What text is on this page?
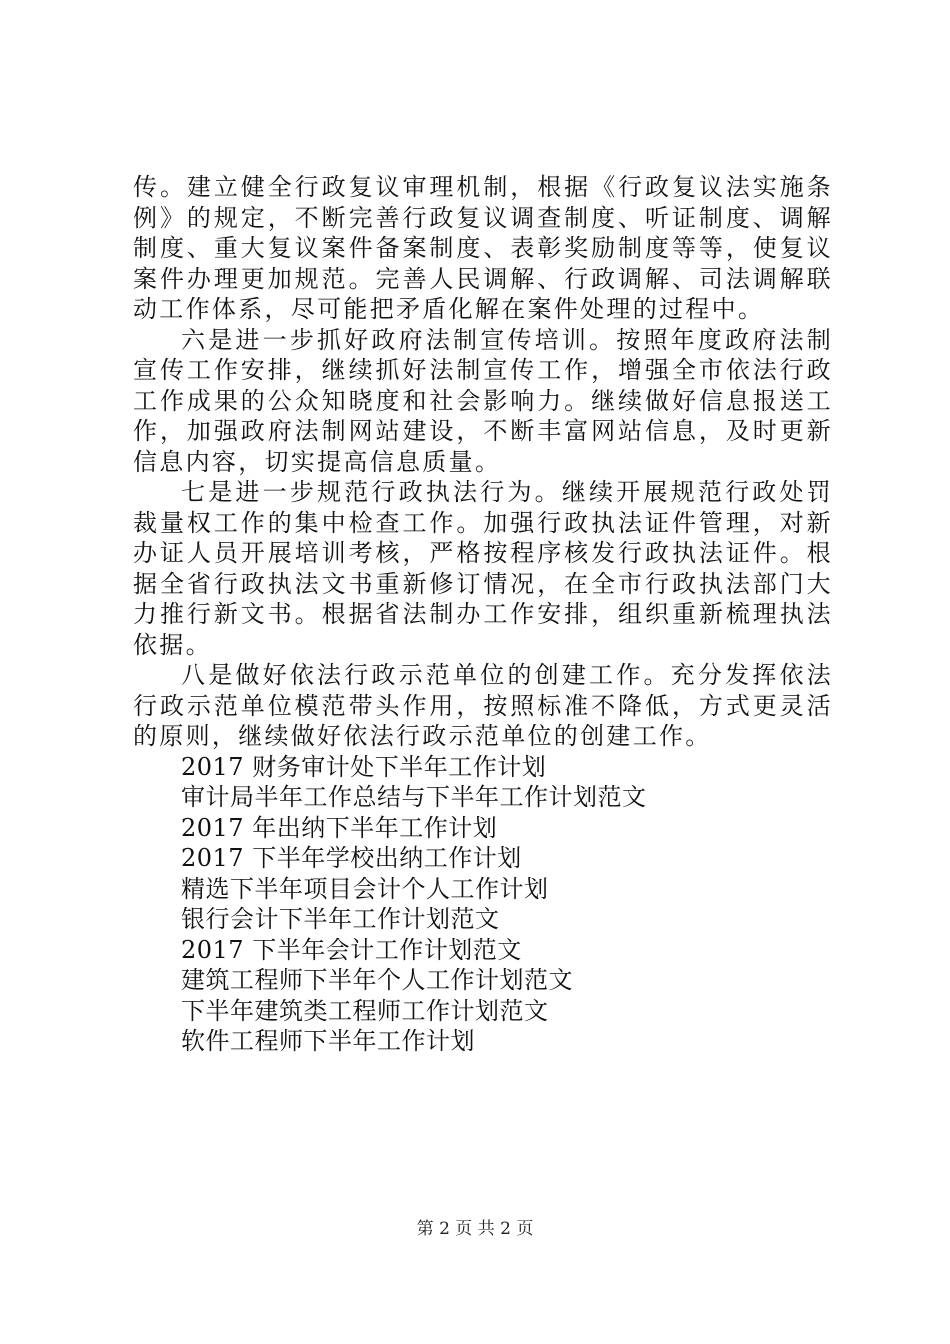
传。建立健全行政复议审理机制，根据《行政复议法实施条例》的规定，不断完善行政复议调查制度、听证制度、调解制度、重大复议案件备案制度、表彰奖励制度等等，使复议案件办理更加规范。完善人民调解、行政调解、司法调解联动工作体系，尽可能把矛盾化解在案件处理的过程中。

六是进一步抓好政府法制宣传培训。按照年度政府法制宣传工作安排，继续抓好法制宣传工作，增强全市依法行政工作成果的公众知晓度和社会影响力。继续做好信息报送工作，加强政府法制网站建设，不断丰富网站信息，及时更新信息内容，切实提高信息质量。

七是进一步规范行政执法行为。继续开展规范行政处罚裁量权工作的集中检查工作。加强行政执法证件管理，对新办证人员开展培训考核，严格按程序核发行政执法证件。根据全省行政执法文书重新修订情况，在全市行政执法部门大力推行新文书。根据省法制办工作安排，组织重新梳理执法依据。

八是做好依法行政示范单位的创建工作。充分发挥依法行政示范单位模范带头作用，按照标准不降低，方式更灵活的原则，继续做好依法行政示范单位的创建工作。

2017 财务审计处下半年工作计划
审计局半年工作总结与下半年工作计划范文
2017 年出纳下半年工作计划
2017 下半年学校出纳工作计划
精选下半年项目会计个人工作计划
银行会计下半年工作计划范文
2017 下半年会计工作计划范文
建筑工程师下半年个人工作计划范文
下半年建筑类工程师工作计划范文
软件工程师下半年工作计划
第 2 页 共 2 页
